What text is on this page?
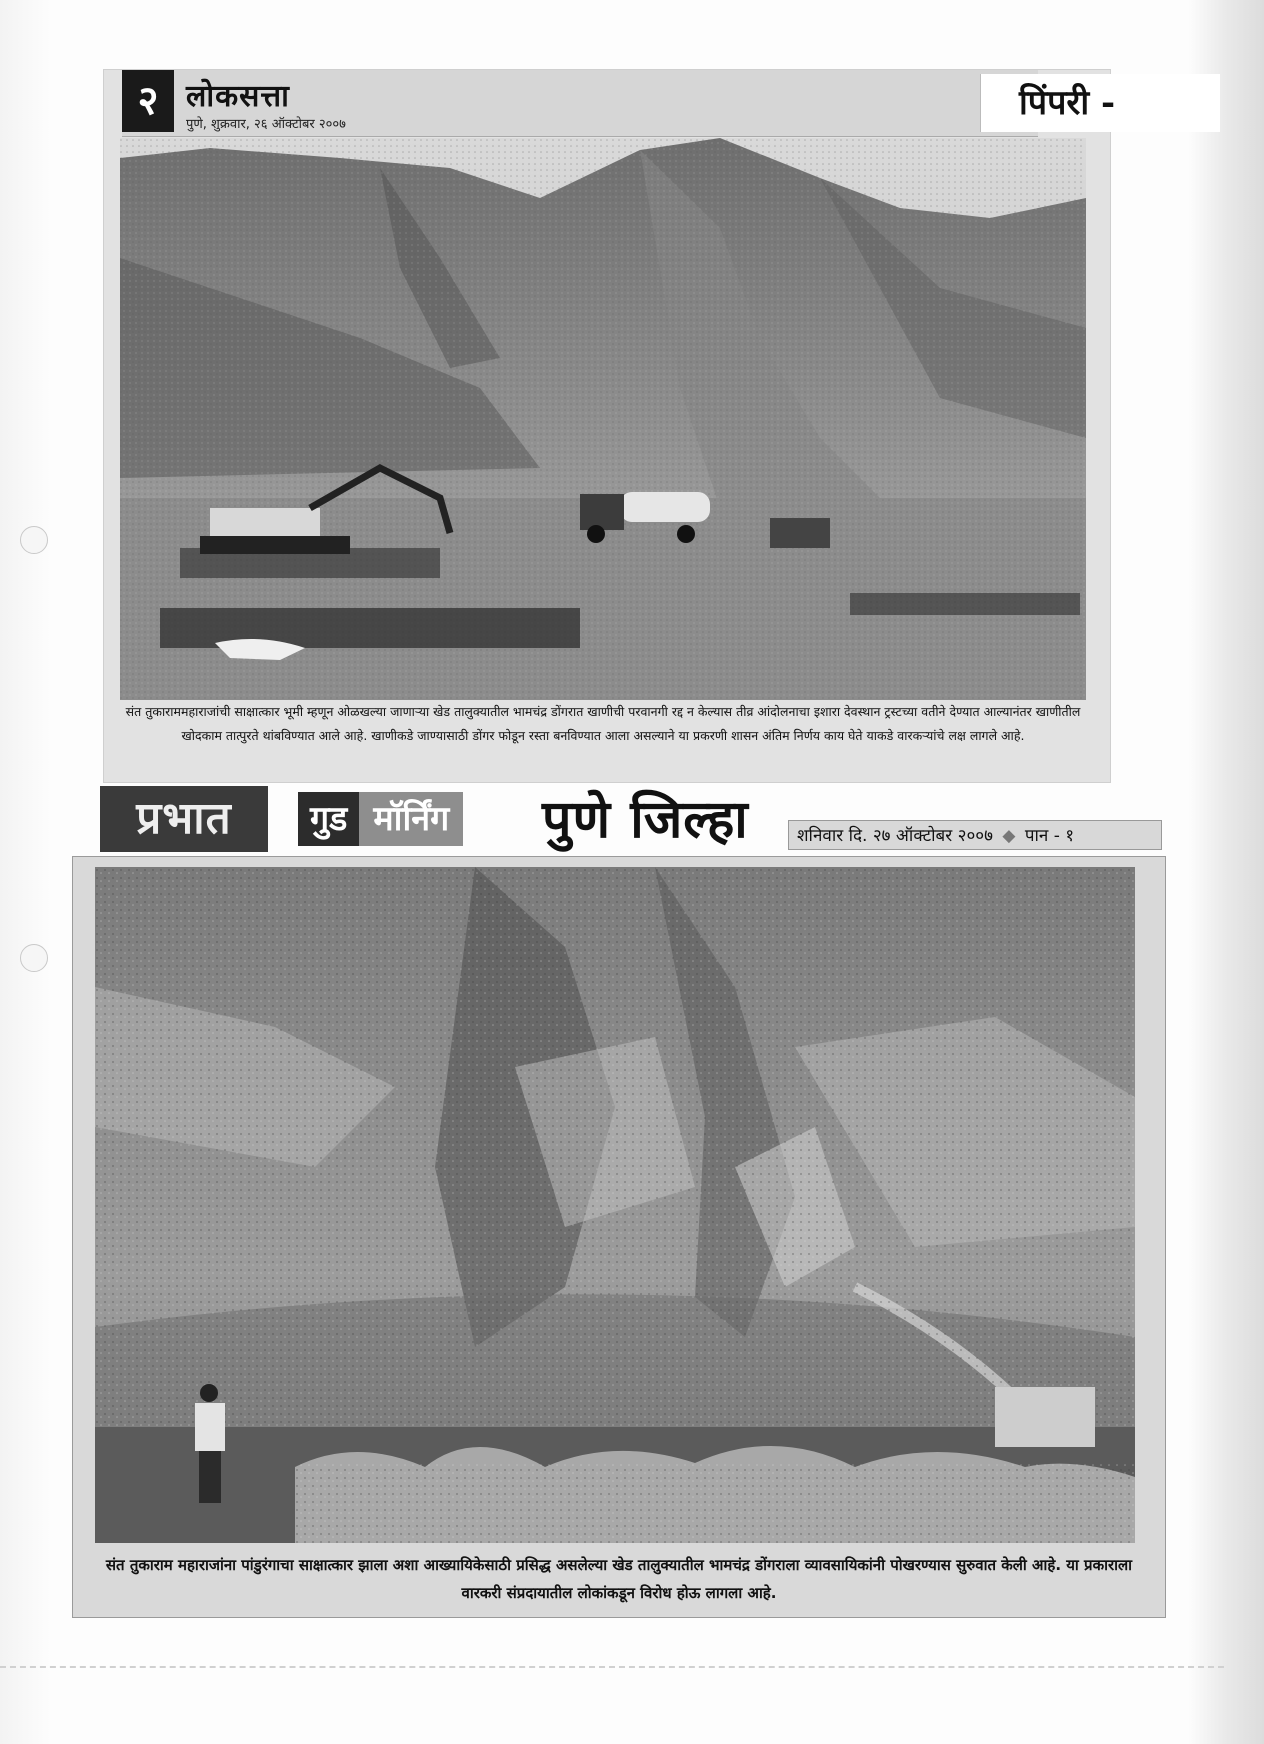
२ लोकसत्ता
पुणे, शुक्रवार, २६ ऑक्टोबर २००७
पिंपरी -
संत तुकाराममहाराजांची साक्षात्कार भूमी म्हणून ओळखल्या जाणाऱ्या खेड तालुक्यातील भामचंद्र डोंगरात खाणीची परवानगी रद्द न केल्यास तीव्र आंदोलनाचा इशारा देवस्थान ट्रस्टच्या वतीने देण्यात आल्यानंतर खाणीतील खोदकाम तात्पुरते थांबविण्यात आले आहे. खाणीकडे जाण्यासाठी डोंगर फोडून रस्ता बनविण्यात आला असल्याने या प्रकरणी शासन अंतिम निर्णय काय घेते याकडे वारकऱ्यांचे लक्ष लागले आहे.
प्रभात	गुड मॉर्निंग पुणे जिल्हा	शनिवार दि. २७ ऑक्टोबर २००७ ◆ पान - १
संत तुकाराम महाराजांना पांडुरंगाचा साक्षात्कार झाला अशा आख्यायिकेसाठी प्रसिद्ध असलेल्या खेड तालुक्यातील भामचंद्र डोंगराला व्यावसायिकांनी पोखरण्यास सुरुवात केली आहे. या प्रकाराला वारकरी संप्रदायातील लोकांकडून विरोध होऊ लागला आहे.
